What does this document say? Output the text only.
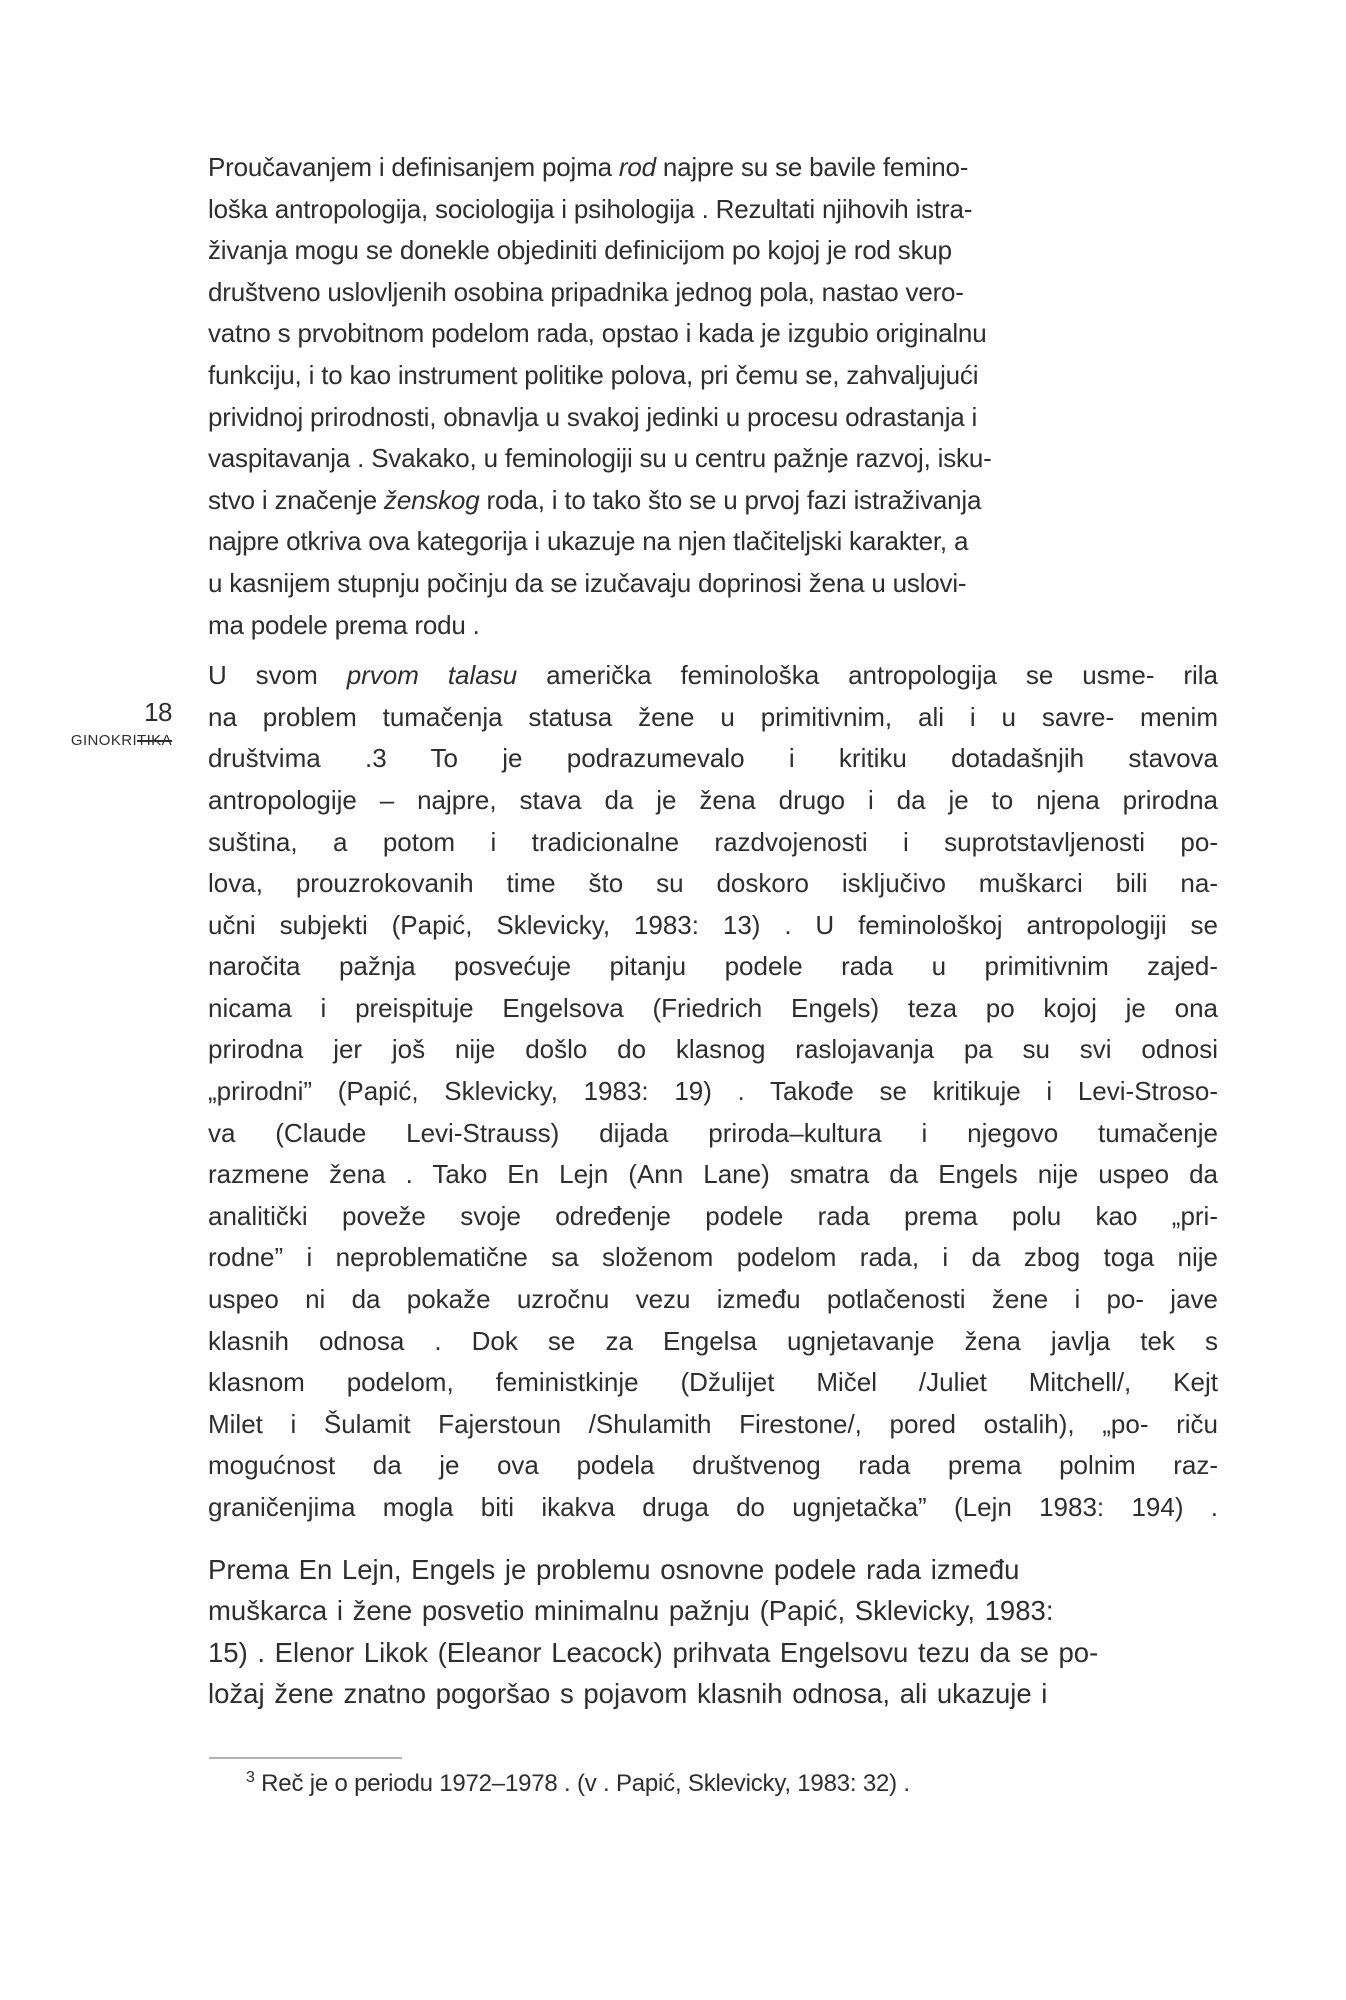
18
GINOKRITIKA
Proučavanjem i definisanjem pojma rod najpre su se bavile femino-
loška antropologija, sociologija i psihologija . Rezultati njihovih istra-
živanja mogu se donekle objediniti definicijom po kojoj je rod skup
društveno uslovljenih osobina pripadnika jednog pola, nastao vero-
vatno s prvobitnom podelom rada, opstao i kada je izgubio originalnu
funkciju, i to kao instrument politike polova, pri čemu se, zahvaljujući
prividnoj prirodnosti, obnavlja u svakoj jedinki u procesu odrastanja i
vaspitavanja . Svakako, u feminologiji su u centru pažnje razvoj, isku-
stvo i značenje ženskog roda, i to tako što se u prvoj fazi istraživanja
najpre otkriva ova kategorija i ukazuje na njen tlačiteljski karakter, a
u kasnijem stupnju počinju da se izučavaju doprinosi žena u uslovi-
ma podele prema rodu .
U svom prvom talasu američka feminološka antropologija se usme- rila
na problem tumačenja statusa žene u primitivnim, ali i u savre- menim
društvima .3 To je podrazumevalo i kritiku dotadašnjih stavova
antropologije – najpre, stava da je žena drugo i da je to njena prirodna
suština, a potom i tradicionalne razdvojenosti i suprotstavljenosti po-
lova, prouzrokovanih time što su doskoro isključivo muškarci bili na-
učni subjekti (Papić, Sklevicky, 1983: 13) . U feminološkoj antropologiji se
naročita pažnja posvećuje pitanju podele rada u primitivnim zajed-
nicama i preispituje Engelsova (Friedrich Engels) teza po kojoj je ona
prirodna jer još nije došlo do klasnog raslojavanja pa su svi odnosi
„prirodni” (Papić, Sklevicky, 1983: 19) . Takođe se kritikuje i Levi-Stroso-
va (Claude Levi-Strauss) dijada priroda–kultura i njegovo tumačenje
razmene žena . Tako En Lejn (Ann Lane) smatra da Engels nije uspeo da
analitički poveže svoje određenje podele rada prema polu kao „pri-
rodne” i neproblematične sa složenom podelom rada, i da zbog toga nije
uspeo ni da pokaže uzročnu vezu između potlačenosti žene i po- jave
klasnih odnosa . Dok se za Engelsa ugnjetavanje žena javlja tek s
klasnom podelom, feministkinje (Džulijet Mičel /Juliet Mitchell/, Kejt
Milet i Šulamit Fajerstoun /Shulamith Firestone/, pored ostalih), „po- riču
mogućnost da je ova podela društvenog rada prema polnim raz-
graničenjima mogla biti ikakva druga do ugnjetačka” (Lejn 1983: 194) .
Prema En Lejn, Engels je problemu osnovne podele rada između
muškarca i žene posvetio minimalnu pažnju (Papić, Sklevicky, 1983:
15) . Elenor Likok (Eleanor Leacock) prihvata Engelsovu tezu da se po-
ložaj žene znatno pogoršao s pojavom klasnih odnosa, ali ukazuje i

$^3$ Reč je o periodu 1972–1978 . (v . Papić, Sklevicky, 1983: 32) .
